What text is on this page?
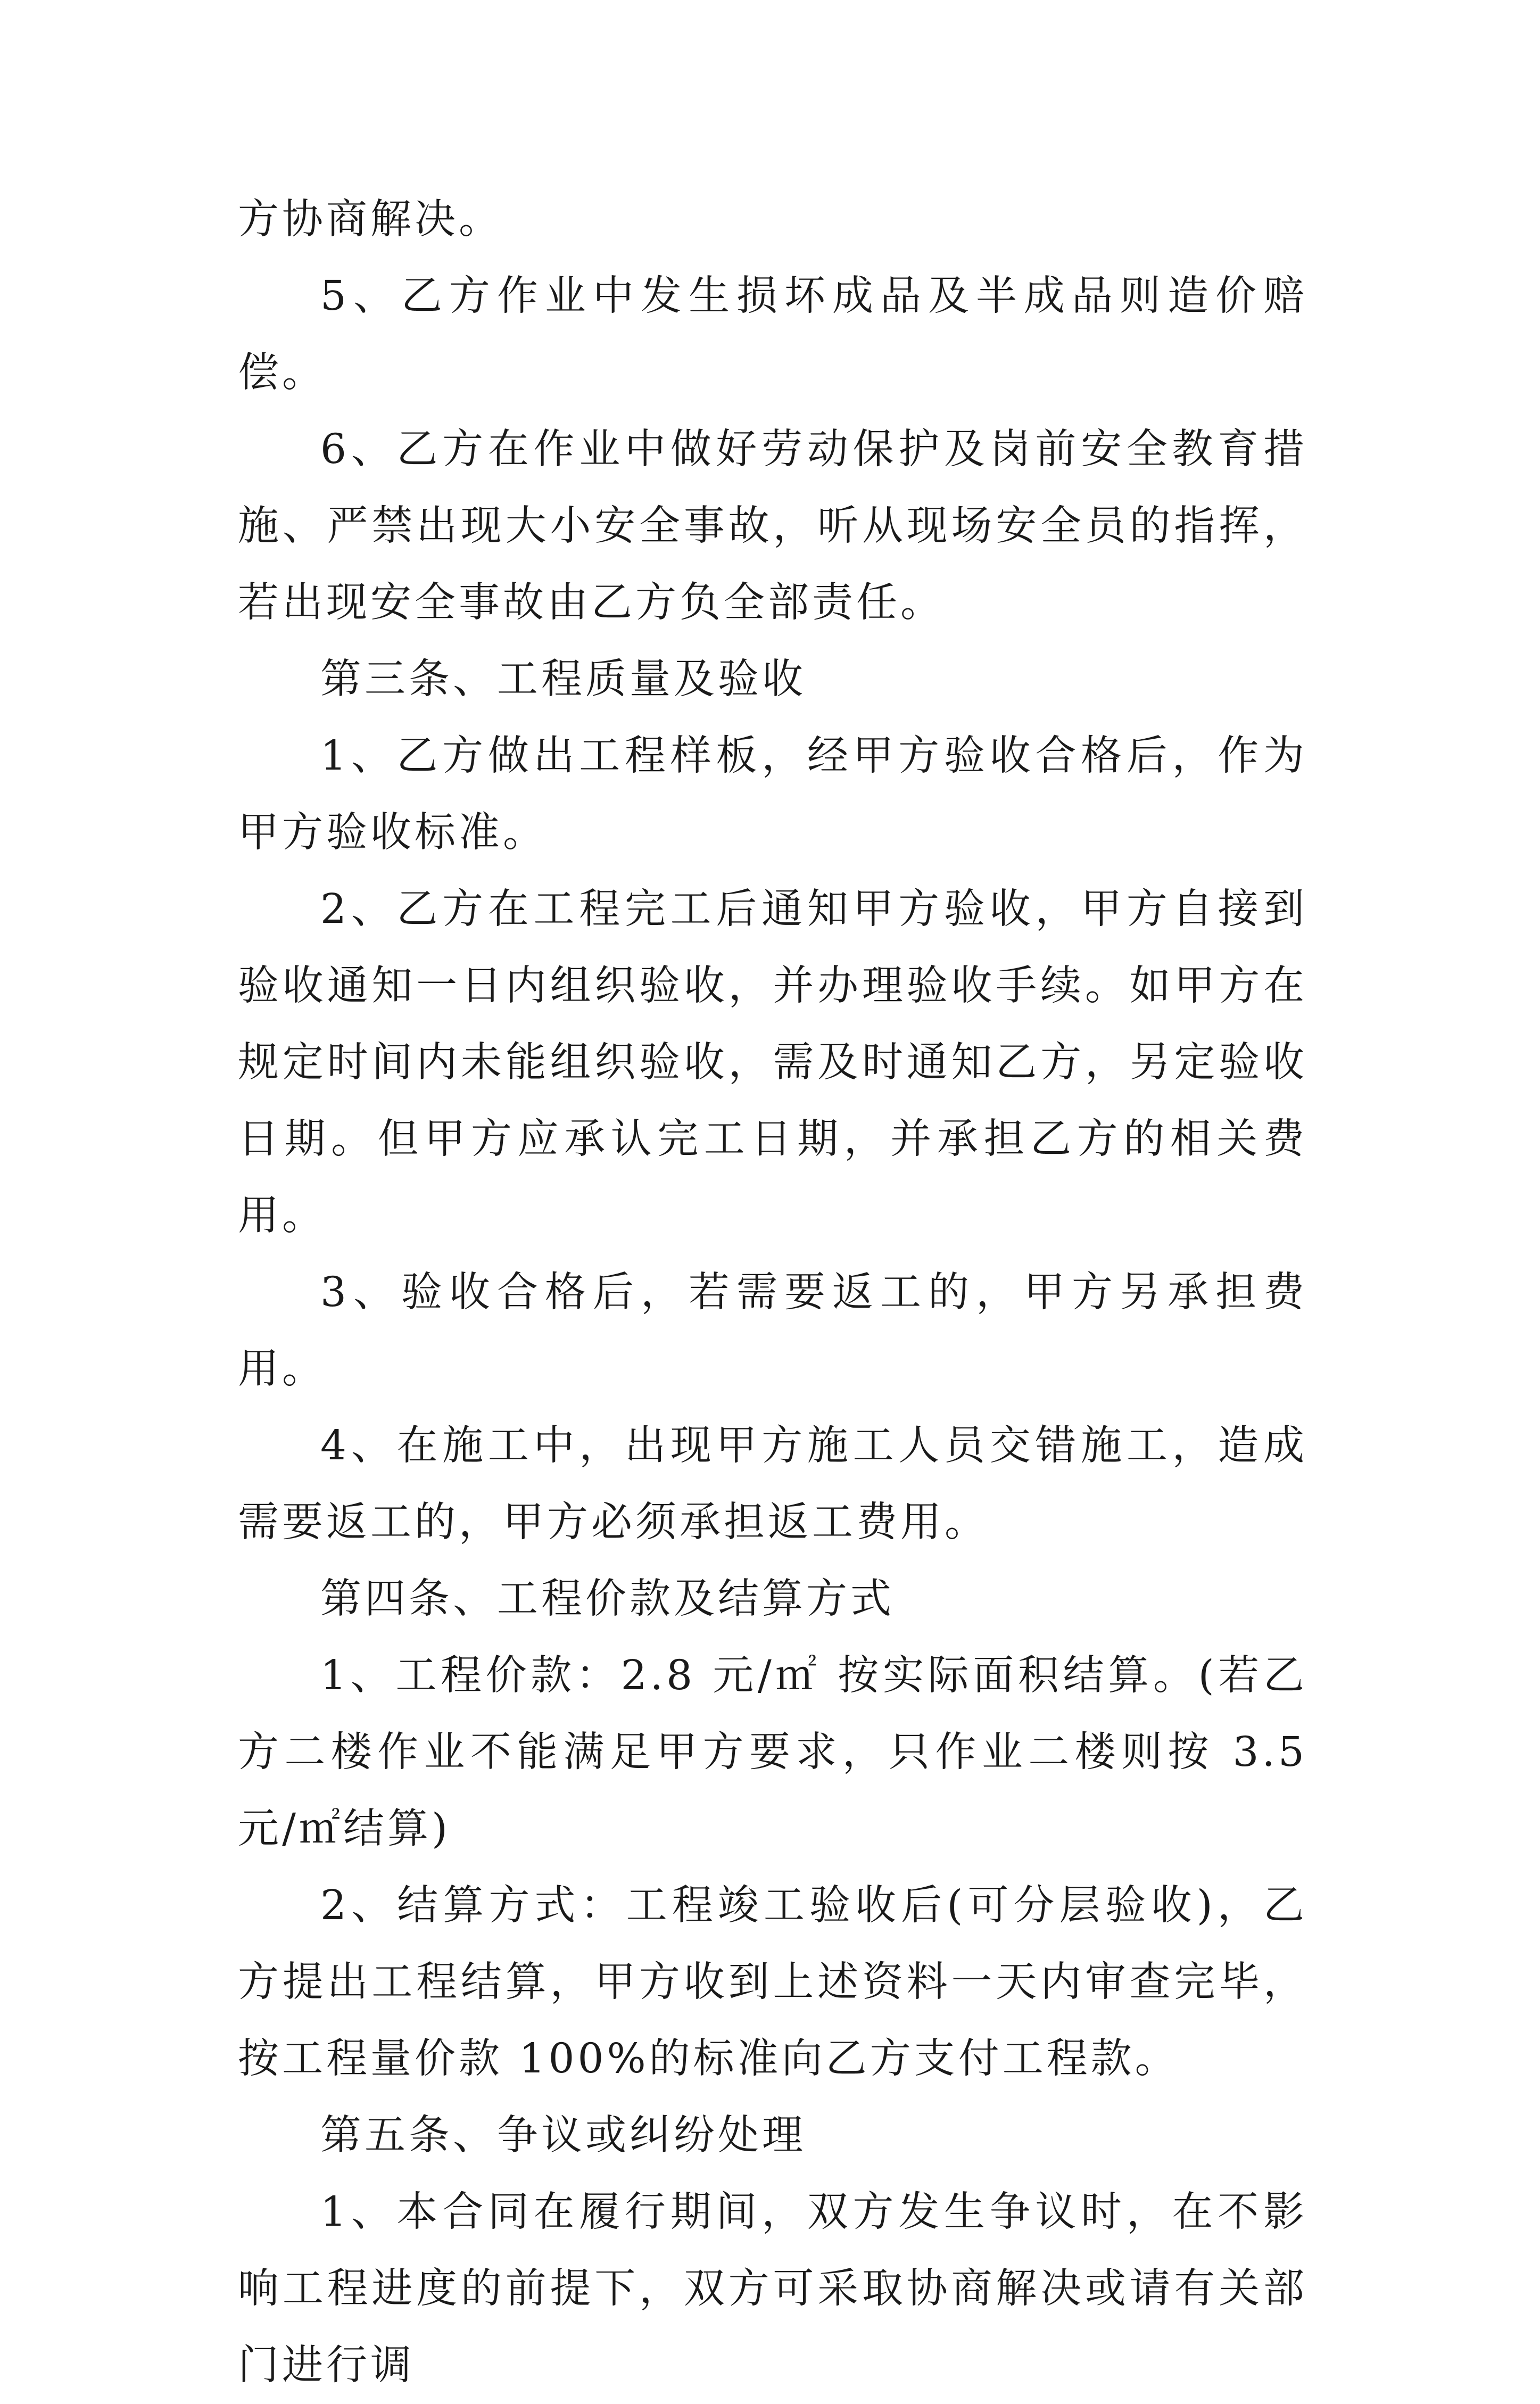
方协商解决。

5、乙方作业中发生损坏成品及半成品则造价赔偿。

6、乙方在作业中做好劳动保护及岗前安全教育措施、严禁出现大小安全事故，听从现场安全员的指挥，若出现安全事故由乙方负全部责任。

第三条、工程质量及验收

1、乙方做出工程样板，经甲方验收合格后，作为甲方验收标准。

2、乙方在工程完工后通知甲方验收，甲方自接到验收通知一日内组织验收，并办理验收手续。如甲方在规定时间内未能组织验收，需及时通知乙方，另定验收日期。但甲方应承认完工日期，并承担乙方的相关费用。

3、验收合格后，若需要返工的，甲方另承担费用。

4、在施工中，出现甲方施工人员交错施工，造成需要返工的，甲方必须承担返工费用。

第四条、工程价款及结算方式

1、工程价款：2.8 元/㎡ 按实际面积结算。(若乙方二楼作业不能满足甲方要求，只作业二楼则按 3.5 元/㎡结算)

2、结算方式：工程竣工验收后(可分层验收)，乙方提出工程结算，甲方收到上述资料一天内审查完毕，按工程量价款 100%的标准向乙方支付工程款。

第五条、争议或纠纷处理

1、本合同在履行期间，双方发生争议时，在不影响工程进度的前提下，双方可采取协商解决或请有关部门进行调
